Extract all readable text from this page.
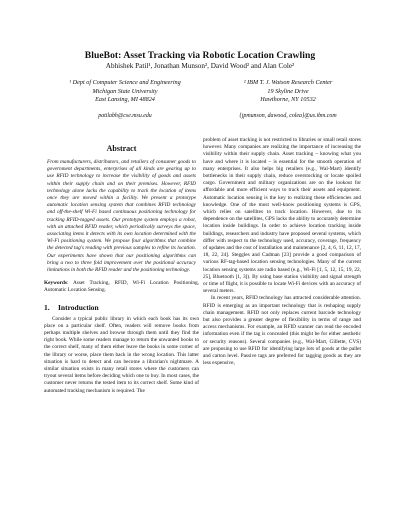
BlueBot: Asset Tracking via Robotic Location Crawling
Abhishek Patil¹, Jonathan Munson², David Wood² and Alan Cole²
¹ Dept of Computer Science and Engineering
Michigan State University
East Lansing, MI 48824
² IBM T. J. Watson Research Center
19 Skyline Drive
Hawthorne, NY 10532
patilabh@cse.msu.edu	{jpmunson, dawood, colea}@us.ibm.com
Abstract

From manufacturers, distributors, and retailers of consumer goods to government departments, enterprises of all kinds are gearing up to use RFID technology to increase the visibility of goods and assets within their supply chain and on their premises. However, RFID technology alone lacks the capability to track the location of items once they are moved within a facility. We present a prototype automatic location sensing system that combines RFID technology and off-the-shelf Wi-Fi based continuous positioning technology for tracking RFID-tagged assets. Our prototype system employs a robot, with an attached RFID reader, which periodically surveys the space, associating items it detects with its own location determined with the Wi-Fi positioning system. We propose four algorithms that combine the detected tag's reading with previous samples to refine its location. Our experiments have shown that our positioning algorithms can bring a two to three fold improvement over the positional accuracy limitations in both the RFID reader and the positioning technology.

Keywords: Asset Tracking, RFID, Wi-Fi Location Positioning, Automatic Location Sensing.

1. Introduction

Consider a typical public library in which each book has its own place on a particular shelf. Often, readers will remove books from perhaps multiple shelves and browse through them until they find the right book. While some readers manage to return the unwanted books to the correct shelf, many of them either leave the books in some corner of the library or worse, place them back in the wrong location. This latter situation is hard to detect and can become a librarian's nightmare. A similar situation exists in many retail stores where the customers can tryout several items before deciding which one to buy. In most cases, the customer never returns the tested item to its correct shelf. Some kind of automated tracking mechanism is required. The

problem of asset tracking is not restricted to libraries or small retail stores however. Many companies are realizing the importance of increasing the visibility within their supply chain. Asset tracking – knowing what you have and where it is located – is essential for the smooth operation of many enterprises. It also helps big retailers (e.g., Wal-Mart) identify bottlenecks in their supply chain, reduce overstocking or locate spoiled cargo. Government and military organizations are on the lookout for affordable and more efficient ways to track their assets and equipment. Automatic location sensing is the key to realizing these efficiencies and knowledge. One of the most well-know positioning systems is GPS, which relies on satellites to track location. However, due to its dependence on the satellites, GPS lacks the ability to accurately determine location inside buildings. In order to achieve location tracking inside buildings, researchers and industry have proposed several systems, which differ with respect to the technology used, accuracy, coverage, frequency of updates and the cost of installation and maintenance [2, 4, 6, 11, 12, 17, 18, 22, 24]. Steggles and Cadman [23] provide a good comparison of various RF-tag-based location sensing technologies. Many of the current location sensing systems are radio based (e.g., Wi-Fi [1, 5, 12, 15, 19, 22, 25], Bluetooth [1, 3]). By using base station visibility and signal strength or time of flight, it is possible to locate Wi-Fi devices with an accuracy of several meters.

In recent years, RFID technology has attracted considerable attention. RFID is emerging as an important technology that is reshaping supply chain management. RFID not only replaces current barcode technology but also provides a greater degree of flexibility in terms of range and access mechanisms. For example, an RFID scanner can read the encoded information even if the tag is concealed (this might be for either aesthetic or security reasons). Several companies (e.g., Wal-Mart, Gillette, CVS) are proposing to use RFID for identifying large lots of goods at the pallet and carton level. Passive tags are preferred for tagging goods as they are less expensive,
